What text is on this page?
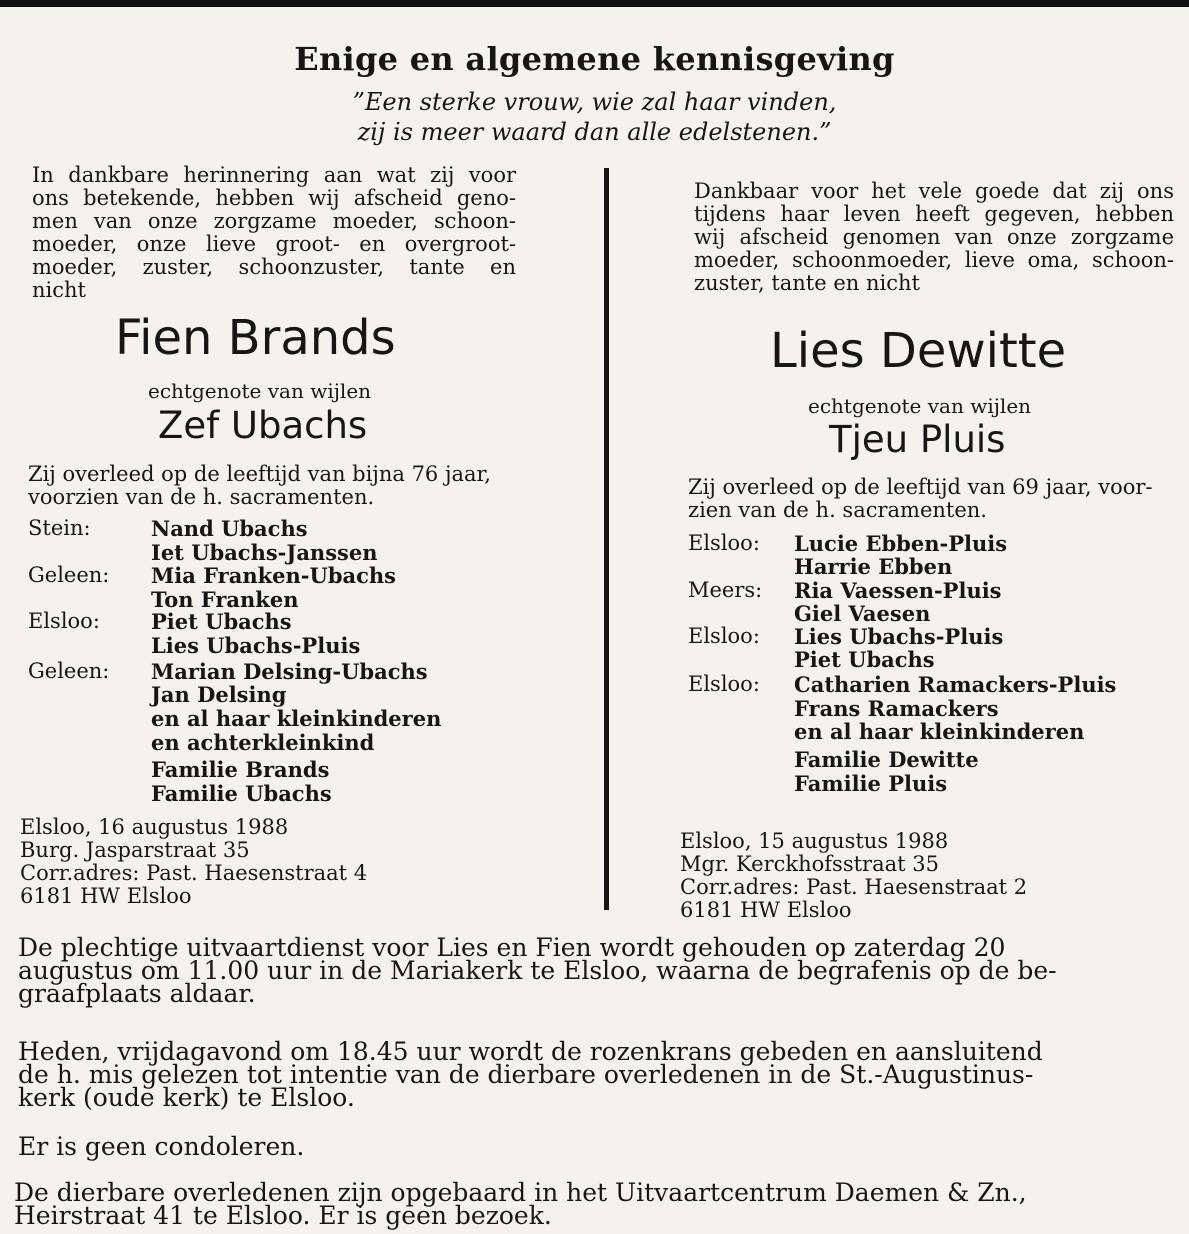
Enige en algemene kennisgeving
”Een sterke vrouw, wie zal haar vinden,
zij is meer waard dan alle edelstenen.”
In dankbare herinnering aan wat zij voor
ons betekende, hebben wij afscheid geno-
men van onze zorgzame moeder, schoon-
moeder, onze lieve groot- en overgroot-
moeder, zuster, schoonzuster, tante en
nicht
Fien Brands
echtgenote van wijlen
Zef Ubachs
Zij overleed op de leeftijd van bijna 76 jaar,
voorzien van de h. sacramenten.
Stein:	Nand Ubachs
Iet Ubachs-Janssen
Geleen: Mia Franken-Ubachs
Ton Franken
Elsloo: Piet Ubachs
Lies Ubachs-Pluis
Geleen: Marian Delsing-Ubachs
Jan Delsing
en al haar kleinkinderen
en achterkleinkind
Familie Brands
Familie Ubachs
Elsloo, 16 augustus 1988
Burg. Jasparstraat 35
Corr.adres: Past. Haesenstraat 4
6181 HW Elsloo
Dankbaar voor het vele goede dat zij ons
tijdens haar leven heeft gegeven, hebben
wij afscheid genomen van onze zorgzame
moeder, schoonmoeder, lieve oma, schoon-
zuster, tante en nicht
Lies Dewitte
echtgenote van wijlen
Tjeu Pluis
Zij overleed op de leeftijd van 69 jaar, voor-
zien van de h. sacramenten.
Elsloo: Lucie Ebben-Pluis
Harrie Ebben
Meers: Ria Vaessen-Pluis
Giel Vaesen
Elsloo: Lies Ubachs-Pluis
Piet Ubachs
Elsloo: Catharien Ramackers-Pluis
Frans Ramackers
en al haar kleinkinderen
Familie Dewitte
Familie Pluis
Elsloo, 15 augustus 1988
Mgr. Kerckhofsstraat 35
Corr.adres: Past. Haesenstraat 2
6181 HW Elsloo
De plechtige uitvaartdienst voor Lies en Fien wordt gehouden op zaterdag 20
augustus om 11.00 uur in de Mariakerk te Elsloo, waarna de begrafenis op de be-
graafplaats aldaar.
Heden, vrijdagavond om 18.45 uur wordt de rozenkrans gebeden en aansluitend
de h. mis gelezen tot intentie van de dierbare overledenen in de St.-Augustinus-
kerk (oude kerk) te Elsloo.
Er is geen condoleren.
De dierbare overledenen zijn opgebaard in het Uitvaartcentrum Daemen & Zn.,
Heirstraat 41 te Elsloo. Er is geen bezoek.
